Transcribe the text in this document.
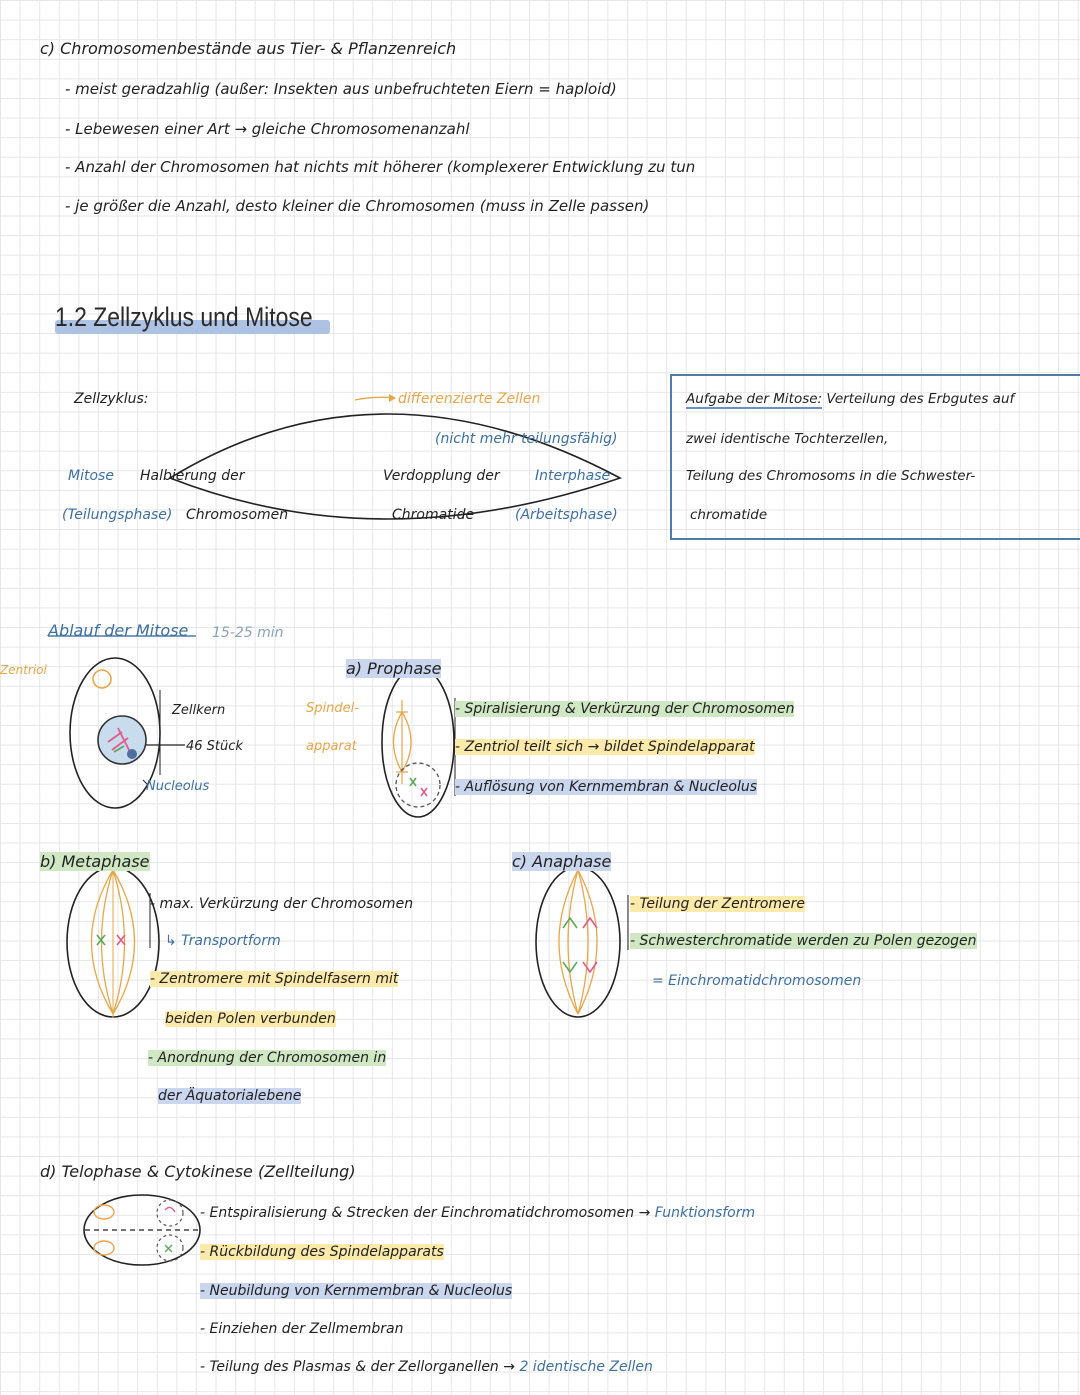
c) Chromosomenbestände aus Tier- & Pflanzenreich
- meist geradzahlig (außer: Insekten aus unbefruchteten Eiern = haploid)
- Lebewesen einer Art → gleiche Chromosomenanzahl
- Anzahl der Chromosomen hat nichts mit höherer (komplexerer Entwicklung zu tun
- je größer die Anzahl, desto kleiner die Chromosomen (muss in Zelle passen)
1.2 Zellzyklus und Mitose
Zellzyklus:	differenzierte Zellen
(nicht mehr teilungsfähig)
Mitose Halbierung der
(Teilungsphase) Chromosomen
Verdopplung der	Interphase
Chromatide	(Arbeitsphase)
Aufgabe der Mitose: Verteilung des Erbgutes auf
zwei identische Tochterzellen,
Teilung des Chromosoms in die Schwester-
chromatide
Ablauf der Mitose 15-25 min
Zentriol
Zellkern
46 Stück
Nucleolus
Spindel-
apparat
a) Prophase
- Spiralisierung & Verkürzung der Chromosomen
- Zentriol teilt sich → bildet Spindelapparat
- Auflösung von Kernmembran & Nucleolus
b) Metaphase
- max. Verkürzung der Chromosomen
↳ Transportform
- Zentromere mit Spindelfasern mit
beiden Polen verbunden
- Anordnung der Chromosomen in
der Äquatorialebene
c) Anaphase
- Teilung der Zentromere
- Schwesterchromatide werden zu Polen gezogen
= Einchromatidchromosomen
d) Telophase & Cytokinese (Zellteilung)
- Entspiralisierung & Strecken der Einchromatidchromosomen → Funktionsform
- Rückbildung des Spindelapparats
- Neubildung von Kernmembran & Nucleolus
- Einziehen der Zellmembran
- Teilung des Plasmas & der Zellorganellen → 2 identische Zellen
